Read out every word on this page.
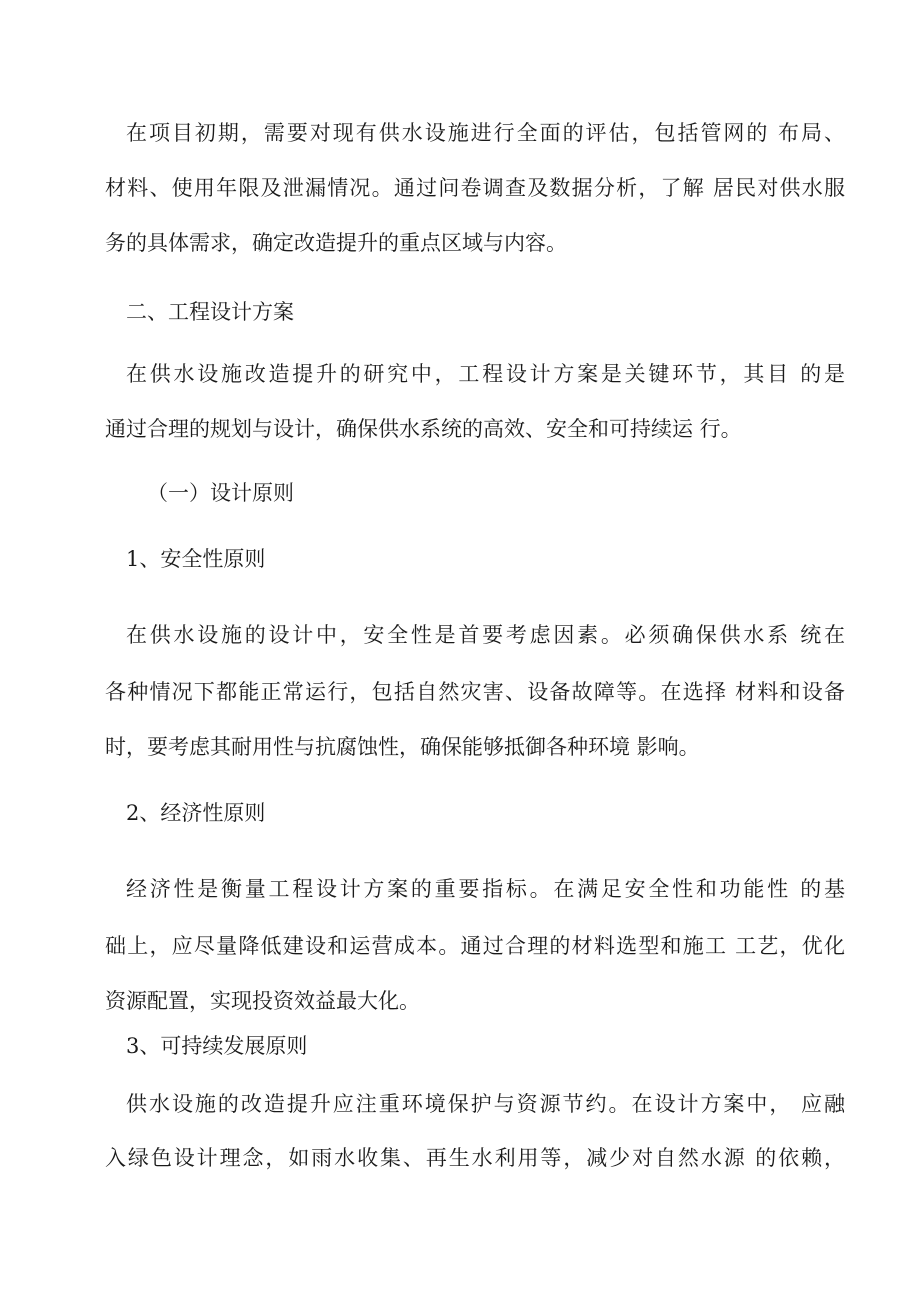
在项目初期，需要对现有供水设施进行全面的评估，包括管网的 布局、
材料、使用年限及泄漏情况。通过问卷调查及数据分析，了解 居民对供水服
务的具体需求，确定改造提升的重点区域与内容。
二、工程设计方案
在供水设施改造提升的研究中，工程设计方案是关键环节，其目 的是
通过合理的规划与设计，确保供水系统的高效、安全和可持续运 行。
（一）设计原则
1、安全性原则
在供水设施的设计中，安全性是首要考虑因素。必须确保供水系 统在
各种情况下都能正常运行，包括自然灾害、设备故障等。在选择 材料和设备
时，要考虑其耐用性与抗腐蚀性，确保能够抵御各种环境 影响。
2、经济性原则
经济性是衡量工程设计方案的重要指标。在满足安全性和功能性 的基
础上，应尽量降低建设和运营成本。通过合理的材料选型和施工 工艺，优化
资源配置，实现投资效益最大化。
3、可持续发展原则
供水设施的改造提升应注重环境保护与资源节约。在设计方案中， 应融
入绿色设计理念，如雨水收集、再生水利用等，减少对自然水源 的依赖，
